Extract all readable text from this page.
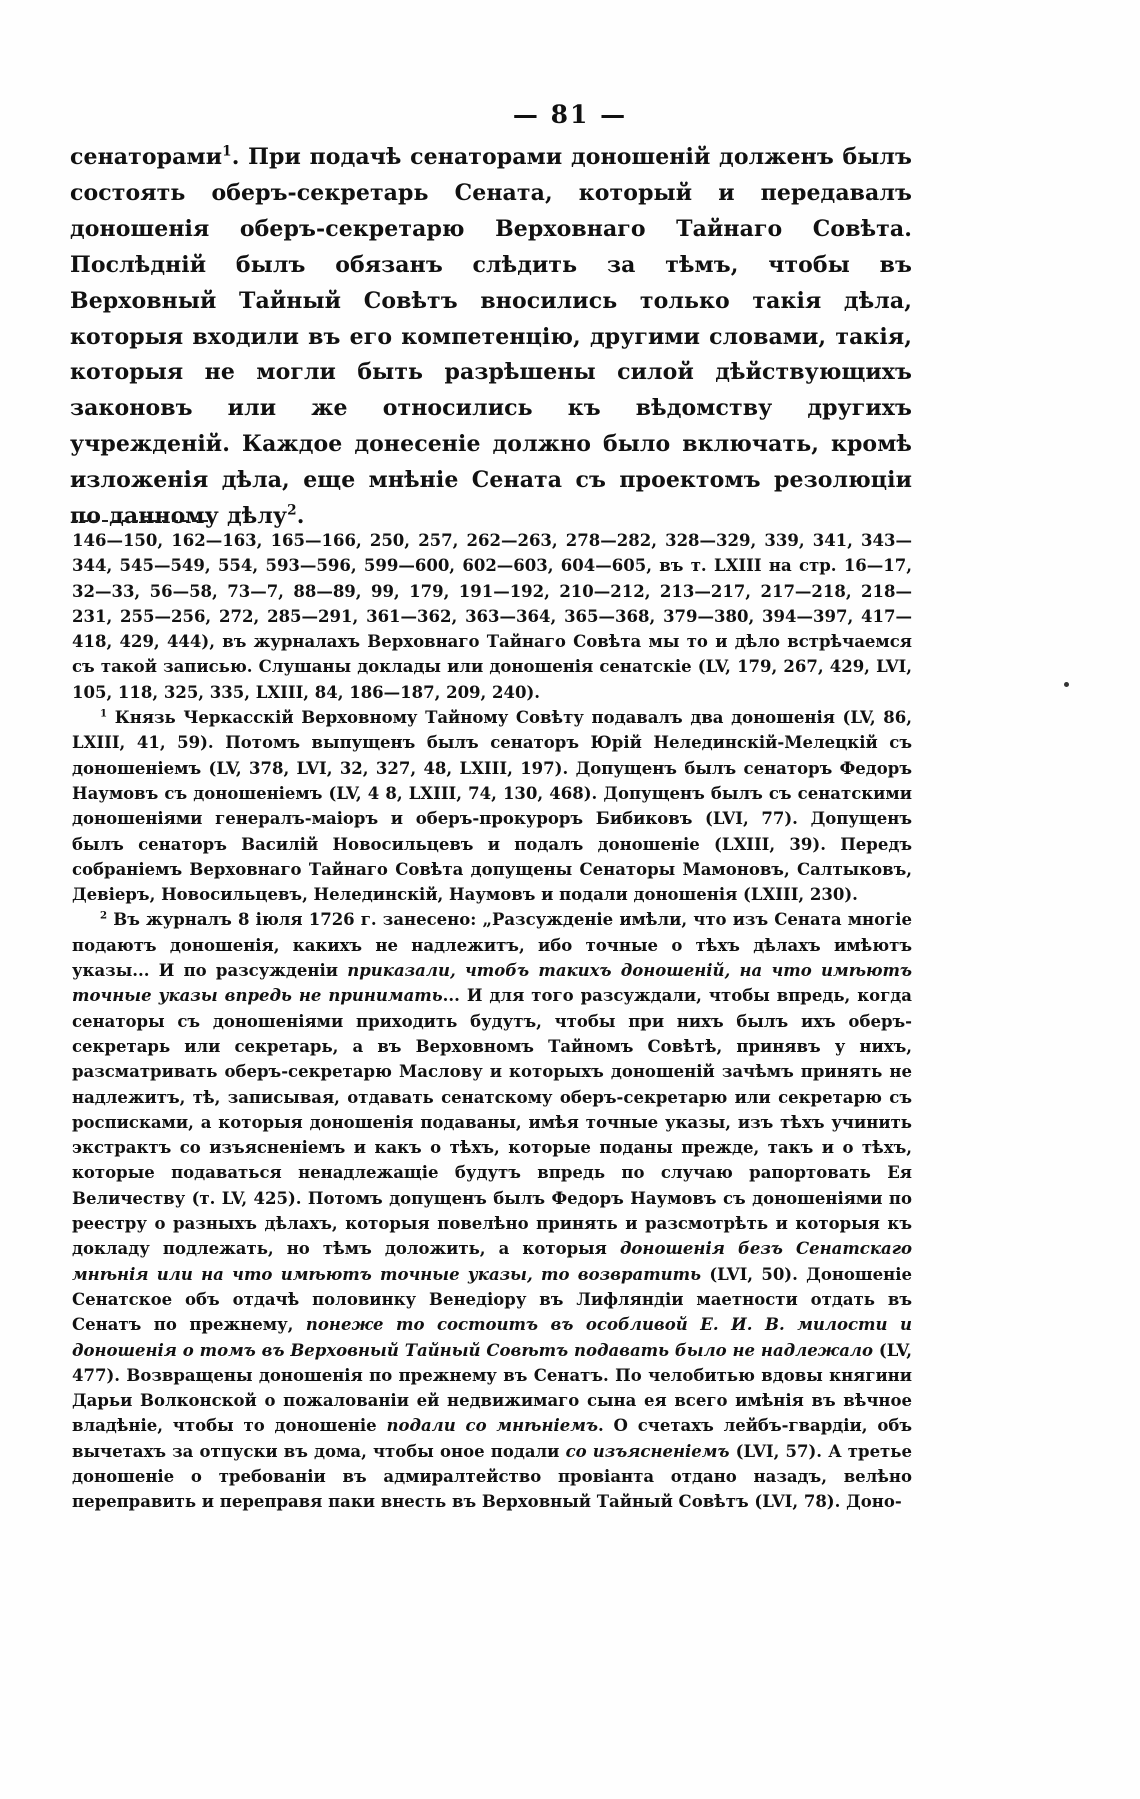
— 81 —

сенаторами$^1$. При подачѣ сенаторами доношеній долженъ былъ состоять оберъ-секретарь Сената, который и передавалъ доношенія оберъ-секретарю Верховнаго Тайнаго Совѣта. Послѣдній былъ обязанъ слѣдить за тѣмъ, чтобы въ Верховный Тайный Совѣтъ вносились только такія дѣла, которыя входили въ его компетенцію, другими словами, такія, которыя не могли быть разрѣшены силой дѣйствующихъ законовъ или же относились къ вѣдомству другихъ учрежденій. Каждое донесеніе должно было включать, кромѣ изложенія дѣла, еще мнѣніе Сената съ проектомъ резолюціи по данному дѣлу$^2$.

146—150, 162—163, 165—166, 250, 257, 262—263, 278—282, 328—329, 339, 341, 343—344, 545—549, 554, 593—596, 599—600, 602—603, 604—605, въ т. LXIII на стр. 16—17, 32—33, 56—58, 73—7, 88—89, 99, 179, 191—192, 210—212, 213—217, 217—218, 218—231, 255—256, 272, 285—291, 361—362, 363—364, 365—368, 379—380, 394—397, 417—418, 429, 444), въ журналахъ Верховнаго Тайнаго Совѣта мы то и дѣло встрѣчаемся съ такой записью. Слушаны доклады или доношенія сенатскіе (LV, 179, 267, 429, LVI, 105, 118, 325, 335, LXIII, 84, 186—187, 209, 240).

$^1$ Князь Черкасскій Верховному Тайному Совѣту подавалъ два доношенія (LV, 86, LXIII, 41, 59). Потомъ выпущенъ былъ сенаторъ Юрій Нелединскій-Мелецкій съ доношеніемъ (LV, 378, LVI, 32, 327, 48, LXIII, 197). Допущенъ былъ сенаторъ Федоръ Наумовъ съ доношеніемъ (LV, 4 8, LXIII, 74, 130, 468). Допущенъ былъ съ сенатскими доношеніями генералъ-маіоръ и оберъ-прокуроръ Бибиковъ (LVI, 77). Допущенъ былъ сенаторъ Василій Новосильцевъ и подалъ доношеніе (LXIII, 39). Передъ собраніемъ Верховнаго Тайнаго Совѣта допущены Сенаторы Мамоновъ, Салтыковъ, Девіеръ, Новосильцевъ, Нелединскій, Наумовъ и подали доношенія (LXIII, 230).

$^2$ Въ журналъ 8 іюля 1726 г. занесено: „Разсужденіе имѣли, что изъ Сената многіе подаютъ доношенія, какихъ не надлежитъ, ибо точные о тѣхъ дѣлахъ имѣютъ указы... И по разсужденіи приказали, чтобъ такихъ доношеній, на что имѣютъ точные указы впредь не принимать... И для того разсуждали, чтобы впредь, когда сенаторы съ доношеніями приходить будутъ, чтобы при нихъ былъ ихъ оберъ-секретарь или секретарь, а въ Верховномъ Тайномъ Совѣтѣ, принявъ у нихъ, разсматривать оберъ-секретарю Маслову и которыхъ доношеній зачѣмъ принять не надлежитъ, тѣ, записывая, отдавать сенатскому оберъ-секретарю или секретарю съ росписками, а которыя доношенія подаваны, имѣя точные указы, изъ тѣхъ учинить экстрактъ со изъясненіемъ и какъ о тѣхъ, которые поданы прежде, такъ и о тѣхъ, которые подаваться ненадлежащіе будутъ впредь по случаю рапортовать Ея Величеству (т. LV, 425). Потомъ допущенъ былъ Федоръ Наумовъ съ доношеніями по реестру о разныхъ дѣлахъ, которыя повелѣно принять и разсмотрѣть и которыя къ докладу подлежать, но тѣмъ доложить, а которыя доношенія безъ Сенатскаго мнѣнія или на что имѣютъ точные указы, то возвратить (LVI, 50). Доношеніе Сенатское объ отдачѣ половинку Венедіору въ Лифляндіи маетности отдать въ Сенатъ по прежнему, понеже то состоитъ въ особливой Е. И. В. милости и доношенія о томъ въ Верховный Тайный Совѣтъ подавать было не надлежало (LV, 477). Возвращены доношенія по прежнему въ Сенатъ. По челобитью вдовы княгини Дарьи Волконской о пожалованіи ей недвижимаго сына ея всего имѣнія въ вѣчное владѣніе, чтобы то доношеніе подали со мнѣніемъ. О счетахъ лейбъ-гвардіи, объ вычетахъ за отпуски въ дома, чтобы оное подали со изъясненіемъ (LVI, 57). А третье доношеніе о требованіи въ адмиралтейство провіанта отдано назадъ, велѣно переправить и переправя паки внесть въ Верховный Тайный Совѣтъ (LVI, 78). Доно-
